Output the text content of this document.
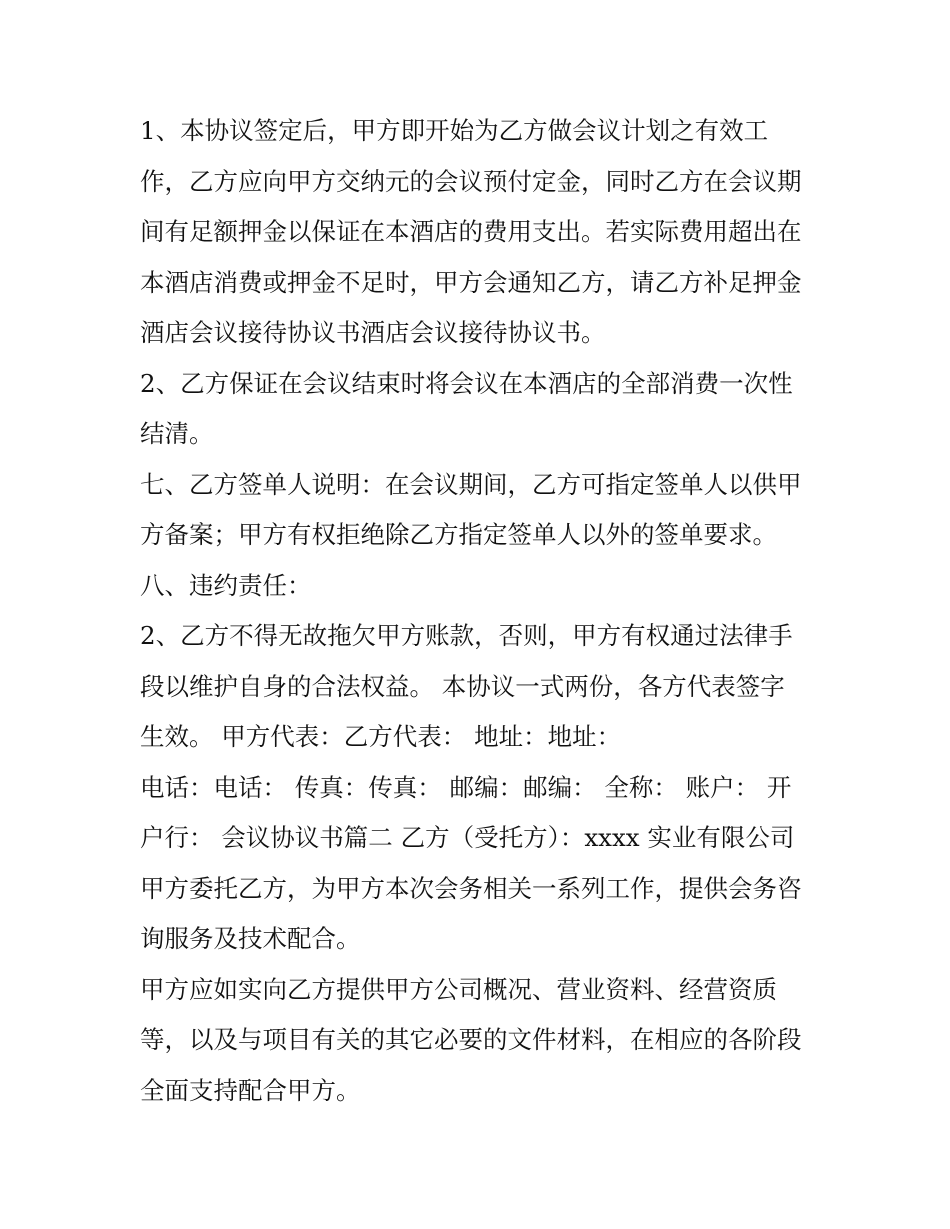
1、本协议签定后，甲方即开始为乙方做会议计划之有效工
作，乙方应向甲方交纳元的会议预付定金，同时乙方在会议期
间有足额押金以保证在本酒店的费用支出。若实际费用超出在
本酒店消费或押金不足时，甲方会通知乙方，请乙方补足押金
酒店会议接待协议书酒店会议接待协议书。
2、乙方保证在会议结束时将会议在本酒店的全部消费一次性
结清。
七、乙方签单人说明：在会议期间，乙方可指定签单人以供甲
方备案；甲方有权拒绝除乙方指定签单人以外的签单要求。
八、违约责任：
2、乙方不得无故拖欠甲方账款，否则，甲方有权通过法律手
段以维护自身的合法权益。 本协议一式两份，各方代表签字
生效。 甲方代表：乙方代表： 地址：地址：
电话：电话： 传真：传真： 邮编：邮编： 全称： 账户： 开
户行： 会议协议书篇二 乙方（受托方）：xxxx 实业有限公司
甲方委托乙方，为甲方本次会务相关一系列工作，提供会务咨
询服务及技术配合。
甲方应如实向乙方提供甲方公司概况、营业资料、经营资质
等，以及与项目有关的其它必要的文件材料，在相应的各阶段
全面支持配合甲方。
